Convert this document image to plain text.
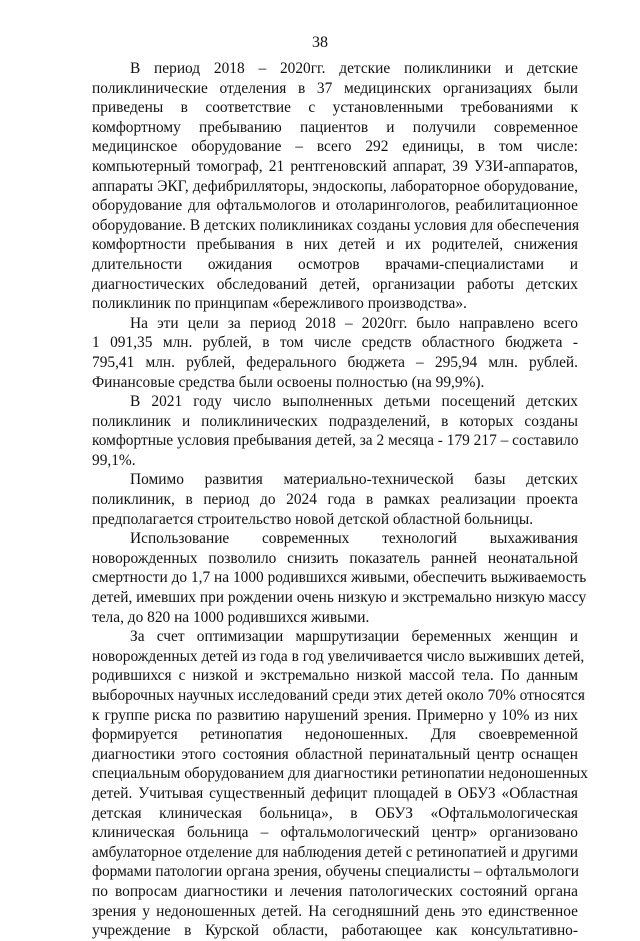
38
В период 2018 – 2020гг. детские поликлиники и детские
поликлинические отделения в 37 медицинских организациях были
приведены в соответствие с установленными требованиями к
комфортному пребыванию пациентов и получили современное
медицинское оборудование – всего 292 единицы, в том числе:
компьютерный томограф, 21 рентгеновский аппарат, 39 УЗИ-аппаратов,
аппараты ЭКГ, дефибрилляторы, эндоскопы, лабораторное оборудование,
оборудование для офтальмологов и отоларингологов, реабилитационное
оборудование. В детских поликлиниках созданы условия для обеспечения
комфортности пребывания в них детей и их родителей, снижения
длительности ожидания осмотров врачами-специалистами и
диагностических обследований детей, организации работы детских
поликлиник по принципам «бережливого производства».
На эти цели за период 2018 – 2020гг. было направлено всего
1 091,35 млн. рублей, в том числе средств областного бюджета -
795,41 млн. рублей, федерального бюджета – 295,94 млн. рублей.
Финансовые средства были освоены полностью (на 99,9%).
В 2021 году число выполненных детьми посещений детских
поликлиник и поликлинических подразделений, в которых созданы
комфортные условия пребывания детей, за 2 месяца - 179 217 – составило
99,1%.
Помимо развития материально-технической базы детских
поликлиник, в период до 2024 года в рамках реализации проекта
предполагается строительство новой детской областной больницы.
Использование современных технологий выхаживания
новорожденных позволило снизить показатель ранней неонатальной
смертности до 1,7 на 1000 родившихся живыми, обеспечить выживаемость
детей, имевших при рождении очень низкую и экстремально низкую массу
тела, до 820 на 1000 родившихся живыми.
За счет оптимизации маршрутизации беременных женщин и
новорожденных детей из года в год увеличивается число выживших детей,
родившихся с низкой и экстремально низкой массой тела. По данным
выборочных научных исследований среди этих детей около 70% относятся
к группе риска по развитию нарушений зрения. Примерно у 10% из них
формируется ретинопатия недоношенных. Для своевременной
диагностики этого состояния областной перинатальный центр оснащен
специальным оборудованием для диагностики ретинопатии недоношенных
детей. Учитывая существенный дефицит площадей в ОБУЗ «Областная
детская клиническая больница», в ОБУЗ «Офтальмологическая
клиническая больница – офтальмологический центр» организовано
амбулаторное отделение для наблюдения детей с ретинопатией и другими
формами патологии органа зрения, обучены специалисты – офтальмологи
по вопросам диагностики и лечения патологических состояний органа
зрения у недоношенных детей. На сегодняшний день это единственное
учреждение в Курской области, работающее как консультативно-
